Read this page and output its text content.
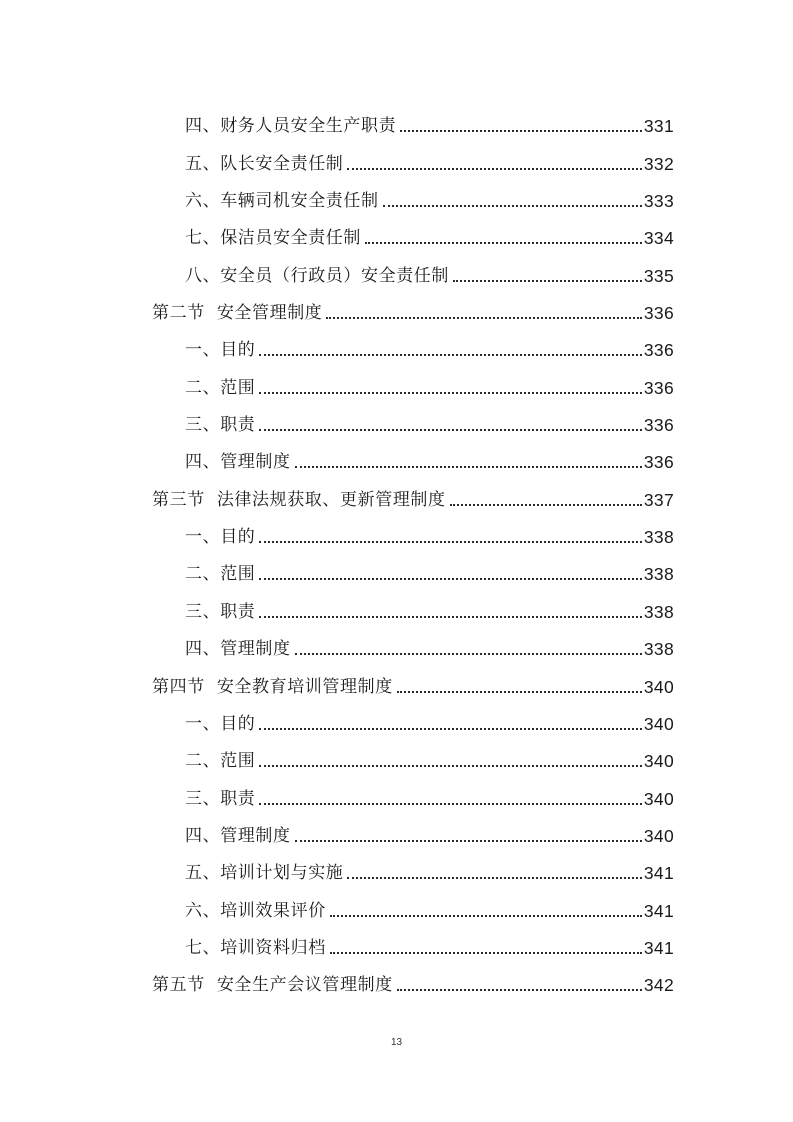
四、财务人员安全生产职责	331
五、队长安全责任制	332
六、车辆司机安全责任制	333
七、保洁员安全责任制	334
八、安全员（行政员）安全责任制	335
第二节 安全管理制度	336
一、目的	336
二、范围	336
三、职责	336
四、管理制度	336
第三节 法律法规获取、更新管理制度	337
一、目的	338
二、范围	338
三、职责	338
四、管理制度	338
第四节 安全教育培训管理制度	340
一、目的	340
二、范围	340
三、职责	340
四、管理制度	340
五、培训计划与实施	341
六、培训效果评价	341
七、培训资料归档	341
第五节 安全生产会议管理制度	342
13
